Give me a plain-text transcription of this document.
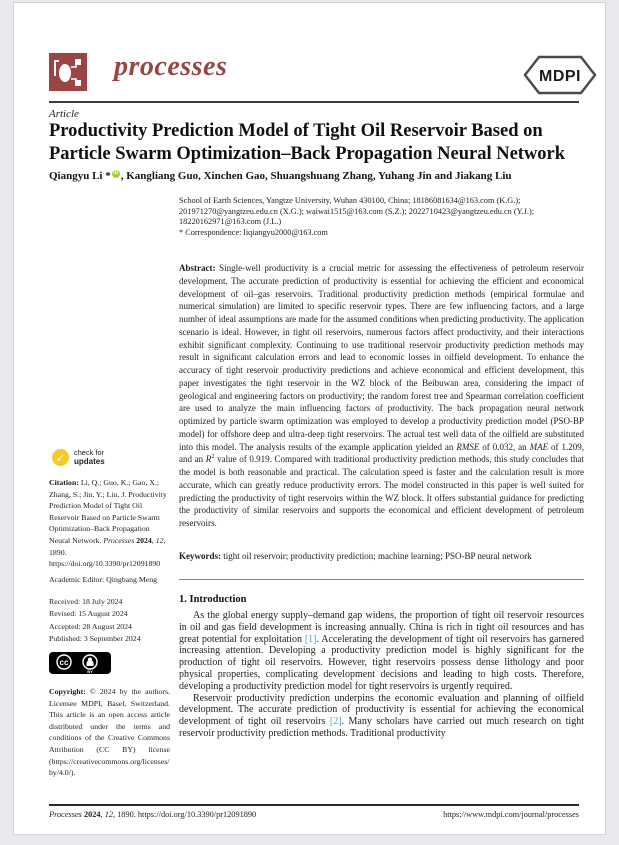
processes	MDPI
Article
Productivity Prediction Model of Tight Oil Reservoir Based on Particle Swarm Optimization–Back Propagation Neural Network
Qiangyu Li * iD , Kangliang Guo, Xinchen Gao, Shuangshuang Zhang, Yuhang Jin and Jiakang Liu

School of Earth Sciences, Yangtze University, Wuhan 430100, China; 18186081634@163.com (K.G.); 201971270@yangtzeu.edu.cn (X.G.); waiwai1515@163.com (S.Z.); 2022710423@yangtzeu.edu.cn (Y.J.); 18220162971@163.com (J.L.)

* Correspondence: liqiangyu2000@163.com

Abstract: Single-well productivity is a crucial metric for assessing the effectiveness of petroleum reservoir development. The accurate prediction of productivity is essential for achieving the efficient and economical development of oil–gas reservoirs. Traditional productivity prediction methods (empirical formulae and numerical simulation) are limited to specific reservoir types. There are few influencing factors, and a large number of ideal assumptions are made for the assumed conditions when predicting productivity. The application scenario is ideal. However, in tight oil reservoirs, numerous factors affect productivity, and their interactions exhibit significant complexity. Continuing to use traditional reservoir productivity prediction methods may result in significant calculation errors and lead to economic losses in oilfield development. To enhance the accuracy of tight reservoir productivity predictions and achieve economical and efficient development, this paper investigates the tight reservoir in the WZ block of the Beibuwan area, considering the impact of geological and engineering factors on productivity; the random forest tree and Spearman correlation coefficient are used to analyze the main influencing factors of productivity. The back propagation neural network optimized by particle swarm optimization was employed to develop a productivity prediction model (PSO-BP model) for offshore deep and ultra-deep tight reservoirs. The actual test well data of the oilfield are substituted into this model. The analysis results of the example application yielded an RMSE of 0.032, an MAE of 1.209, and an $R^2$ value of 0.919. Compared with traditional productivity prediction methods, this study concludes that the model is both reasonable and practical. The calculation speed is faster and the calculation result is more accurate, which can greatly reduce productivity errors. The model constructed in this paper is well suited for predicting the productivity of tight reservoirs within the WZ block. It offers substantial guidance for predicting the productivity of similar reservoirs and supports the economical and efficient development of petroleum reservoirs.
Keywords: tight oil reservoir; productivity prediction; machine learning; PSO-BP neural network
1. Introduction

As the global energy supply–demand gap widens, the proportion of tight oil reservoir resources in oil and gas field development is increasing annually. China is rich in tight oil resources and has great potential for exploitation [1]. Accelerating the development of tight oil reservoirs has garnered increasing attention. Developing a productivity prediction model is highly significant for the production of tight oil reservoirs. However, tight reservoirs possess dense lithology and poor physical properties, complicating development decisions and leading to high costs. Therefore, developing a productivity prediction model for tight reservoirs is urgently required.

Reservoir productivity prediction underpins the economic evaluation and planning of oilfield development. The accurate prediction of productivity is essential for achieving the economical development of tight oil reservoirs [2]. Many scholars have carried out much research on tight reservoir productivity prediction methods. Traditional productivity

✓	check for
updates
Citation: Li, Q.; Guo, K.; Gao, X.; Zhang, S.; Jin, Y.; Liu, J. Productivity Prediction Model of Tight Oil Reservoir Based on Particle Swarm Optimization–Back Propagation Neural Network. Processes 2024, 12, 1890. https://doi.org/10.3390/pr12091890
Academic Editor: Qingbang Meng
Received: 18 July 2024
Revised: 15 August 2024
Accepted: 28 August 2024
Published: 3 September 2024
cc
BY
Copyright: © 2024 by the authors. Licensee MDPI, Basel, Switzerland. This article is an open access article distributed under the terms and conditions of the Creative Commons Attribution (CC BY) license (https://creativecommons.org/licenses/by/4.0/).
Processes 2024, 12, 1890. https://doi.org/10.3390/pr12091890	https://www.mdpi.com/journal/processes
